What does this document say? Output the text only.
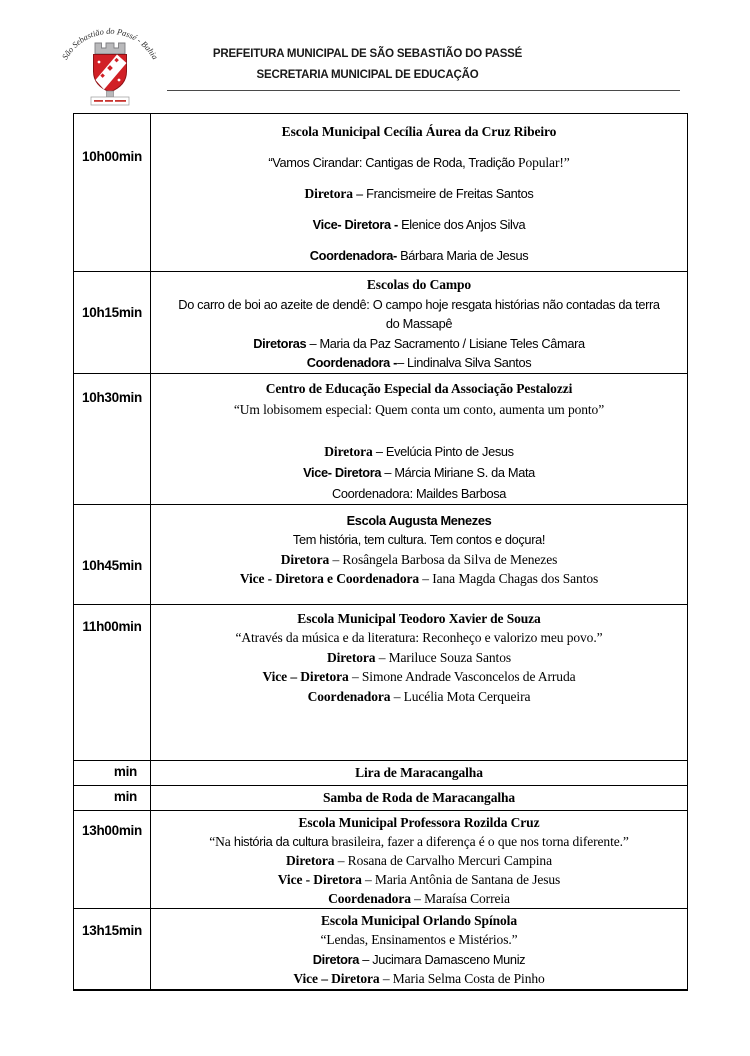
São Sebastião do Passé - Bahia	PREFEITURA MUNICIPAL DE SÃO SEBASTIÃO DO PASSÉ
SECRETARIA MUNICIPAL DE EDUCAÇÃO
10h00min	Escola Municipal Cecília Áurea da Cruz Ribeiro
“Vamos Cirandar: Cantigas de Roda, Tradição Popular!”
Diretora – Francismeire de Freitas Santos
Vice- Diretora - Elenice dos Anjos Silva
Coordenadora- Bárbara Maria de Jesus

10h15min	Escolas do Campo
Do carro de boi ao azeite de dendê: O campo hoje resgata histórias não contadas da terra
do Massapê
Diretoras – Maria da Paz Sacramento / Lisiane Teles Câmara
Coordenadora -– Lindinalva Silva Santos

10h30min	Centro de Educação Especial da Associação Pestalozzi
“Um lobisomem especial: Quem conta um conto, aumenta um ponto”

Diretora – Evelúcia Pinto de Jesus
Vice- Diretora – Márcia Miriane S. da Mata
Coordenadora: Maildes Barbosa

10h45min	Escola Augusta Menezes
Tem história, tem cultura. Tem contos e doçura!
Diretora – Rosângela Barbosa da Silva de Menezes
Vice - Diretora e Coordenadora – Iana Magda Chagas dos Santos

11h00min	Escola Municipal Teodoro Xavier de Souza
“Através da música e da literatura: Reconheço e valorizo meu povo.”
Diretora – Mariluce Souza Santos
Vice – Diretora – Simone Andrade Vasconcelos de Arruda
Coordenadora – Lucélia Mota Cerqueira

min	Lira de Maracangalha

min	Samba de Roda de Maracangalha

13h00min	Escola Municipal Professora Rozilda Cruz
“Na história da cultura brasileira, fazer a diferença é o que nos torna diferente.”
Diretora – Rosana de Carvalho Mercuri Campina
Vice - Diretora – Maria Antônia de Santana de Jesus
Coordenadora – Maraísa Correia

13h15min	Escola Municipal Orlando Spínola
“Lendas, Ensinamentos e Mistérios.”
Diretora – Jucimara Damasceno Muniz
Vice – Diretora – Maria Selma Costa de Pinho
